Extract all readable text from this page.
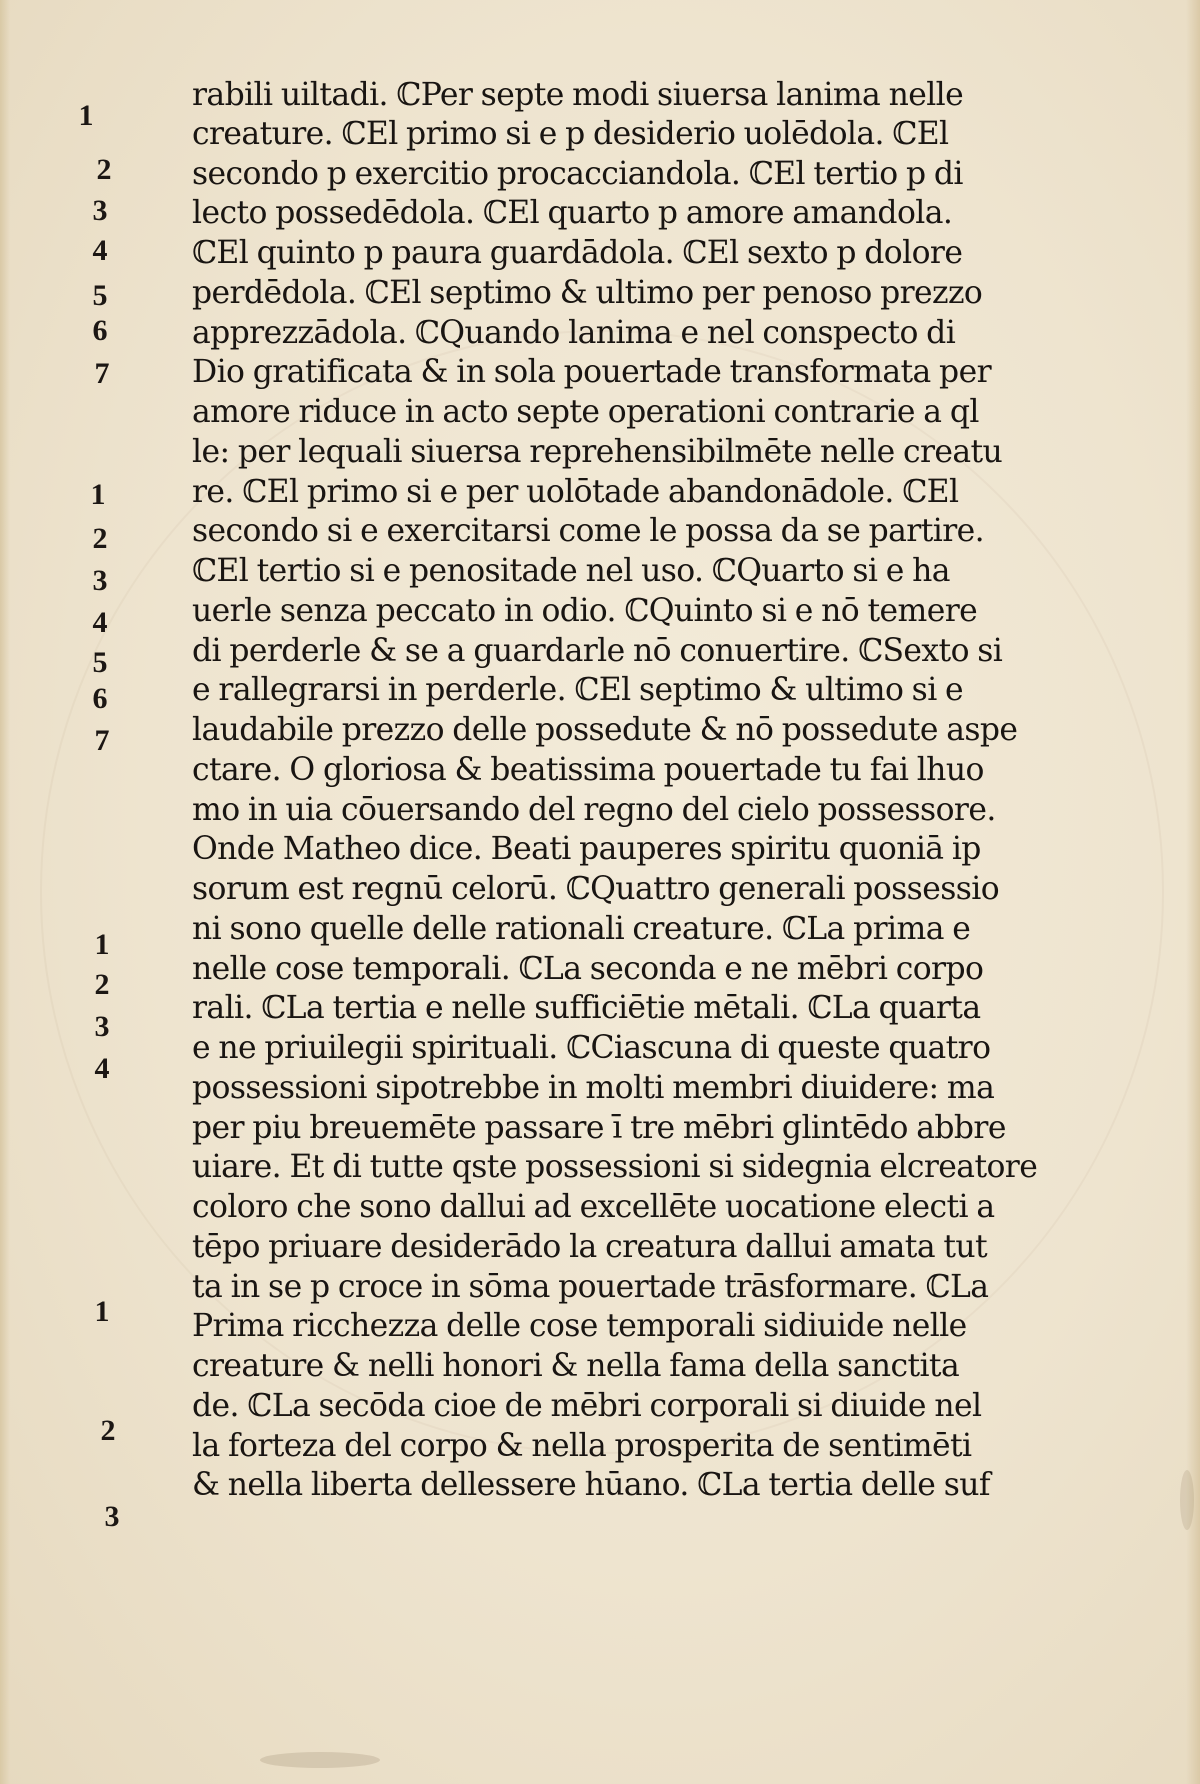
1
2
3
4
5
6
7
1
2
3
4
5
6
7
1
2
3
4
1
2
3
rabili uiltadi. ℂPer septe modi siuersa lanima nelle
creature. ℂEl primo si e p desiderio uolēdola. ℂEl
secondo p exercitio procacciandola. ℂEl tertio p di
lecto possedēdola. ℂEl quarto p amore amandola.
ℂEl quinto p paura guardādola. ℂEl sexto p dolore
perdēdola. ℂEl septimo & ultimo per penoso prezzo
apprezzādola. ℂQuando lanima e nel conspecto di
Dio gratificata & in sola pouertade transformata per
amore riduce in acto septe operationi contrarie a ql
le: per lequali siuersa reprehensibilmēte nelle creatu
re. ℂEl primo si e per uolōtade abandonādole. ℂEl
secondo si e exercitarsi come le possa da se partire.
ℂEl tertio si e penositade nel uso. ℂQuarto si e ha
uerle senza peccato in odio. ℂQuinto si e nō temere
di perderle & se a guardarle nō conuertire. ℂSexto si
e rallegrarsi in perderle. ℂEl septimo & ultimo si e
laudabile prezzo delle possedute & nō possedute aspe
ctare. O gloriosa & beatissima pouertade tu fai lhuo
mo in uia cōuersando del regno del cielo possessore.
Onde Matheo dice. Beati pauperes spiritu quoniā ip
sorum est regnū celorū. ℂQuattro generali possessio
ni sono quelle delle rationali creature. ℂLa prima e
nelle cose temporali. ℂLa seconda e ne mēbri corpo
rali. ℂLa tertia e nelle sufficiētie mētali. ℂLa quarta
e ne priuilegii spirituali. ℂCiascuna di queste quatro
possessioni sipotrebbe in molti membri diuidere: ma
per piu breuemēte passare ī tre mēbri glintēdo abbre
uiare. Et di tutte qste possessioni si sidegnia elcreatore
coloro che sono dallui ad excellēte uocatione electi a
tēpo priuare desiderādo la creatura dallui amata tut
ta in se p croce in sōma pouertade trāsformare. ℂLa
Prima ricchezza delle cose temporali sidiuide nelle
creature & nelli honori & nella fama della sanctita
de. ℂLa secōda cioe de mēbri corporali si diuide nel
la forteza del corpo & nella prosperita de sentimēti
& nella liberta dellessere hūano. ℂLa tertia delle suf
